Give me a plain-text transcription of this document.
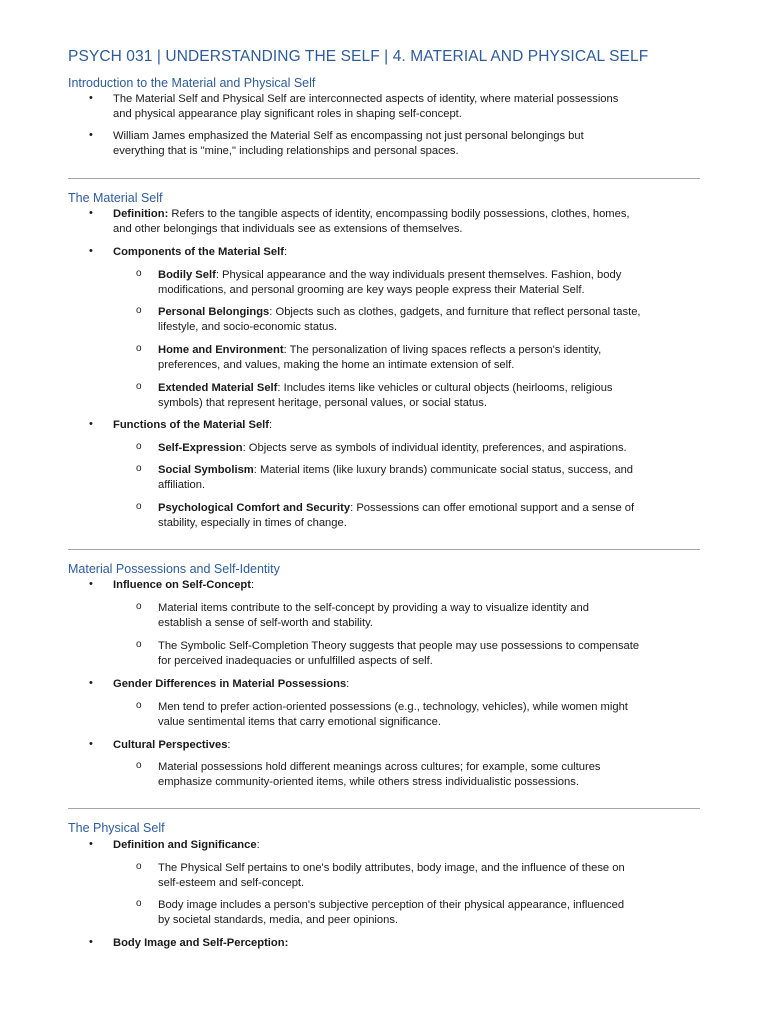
PSYCH 031 | UNDERSTANDING THE SELF | 4. MATERIAL AND PHYSICAL SELF
Introduction to the Material and Physical Self
• The Material Self and Physical Self are interconnected aspects of identity, where material possessions
and physical appearance play significant roles in shaping self-concept.
• William James emphasized the Material Self as encompassing not just personal belongings but
everything that is "mine," including relationships and personal spaces.
The Material Self
• Definition: Refers to the tangible aspects of identity, encompassing bodily possessions, clothes, homes,
and other belongings that individuals see as extensions of themselves.
• Components of the Material Self:
o Bodily Self: Physical appearance and the way individuals present themselves. Fashion, body
modifications, and personal grooming are key ways people express their Material Self.
o Personal Belongings: Objects such as clothes, gadgets, and furniture that reflect personal taste,
lifestyle, and socio-economic status.
o Home and Environment: The personalization of living spaces reflects a person's identity,
preferences, and values, making the home an intimate extension of self.
o Extended Material Self: Includes items like vehicles or cultural objects (heirlooms, religious
symbols) that represent heritage, personal values, or social status.
• Functions of the Material Self:
o Self-Expression: Objects serve as symbols of individual identity, preferences, and aspirations.
o Social Symbolism: Material items (like luxury brands) communicate social status, success, and
affiliation.
o Psychological Comfort and Security: Possessions can offer emotional support and a sense of
stability, especially in times of change.
Material Possessions and Self-Identity
• Influence on Self-Concept:
o Material items contribute to the self-concept by providing a way to visualize identity and
establish a sense of self-worth and stability.
o The Symbolic Self-Completion Theory suggests that people may use possessions to compensate
for perceived inadequacies or unfulfilled aspects of self.
• Gender Differences in Material Possessions:
o Men tend to prefer action-oriented possessions (e.g., technology, vehicles), while women might
value sentimental items that carry emotional significance.
• Cultural Perspectives:
o Material possessions hold different meanings across cultures; for example, some cultures
emphasize community-oriented items, while others stress individualistic possessions.
The Physical Self
• Definition and Significance:
o The Physical Self pertains to one's bodily attributes, body image, and the influence of these on
self-esteem and self-concept.
o Body image includes a person's subjective perception of their physical appearance, influenced
by societal standards, media, and peer opinions.
• Body Image and Self-Perception:
